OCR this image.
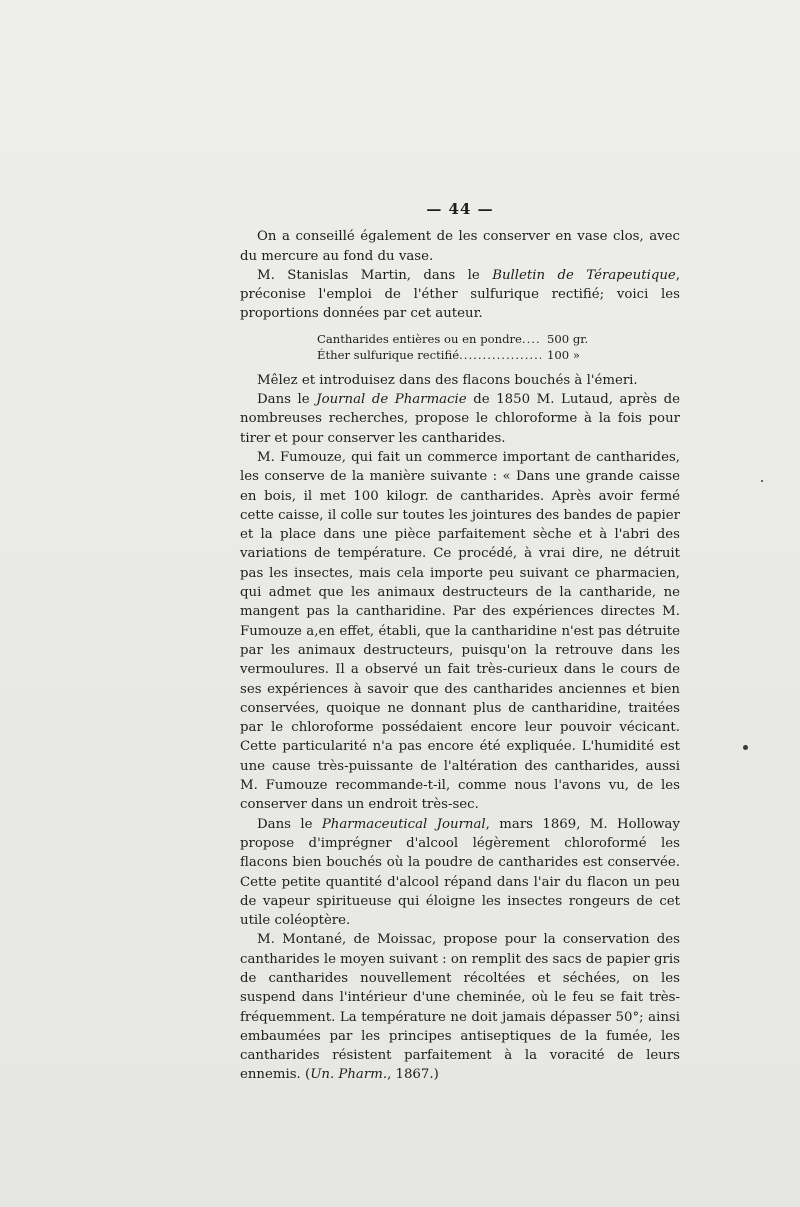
— 44 —

On a conseillé également de les conserver en vase clos, avec du mercure au fond du vase.

M. Stanislas Martin, dans le Bulletin de Térapeutique, préconise l'emploi de l'éther sulfurique rectifié; voici les proportions données par cet auteur.

Cantharides entières ou en pondre .....	500 gr.
Éther sulfurique rectifié .....	100 »

Mêlez et introduisez dans des flacons bouchés à l'émeri.

Dans le Journal de Pharmacie de 1850 M. Lutaud, après de nombreuses recherches, propose le chloroforme à la fois pour tirer et pour conserver les cantharides.

M. Fumouze, qui fait un commerce important de cantharides, les conserve de la manière suivante : « Dans une grande caisse en bois, il met 100 kilogr. de cantharides. Après avoir fermé cette caisse, il colle sur toutes les jointures des bandes de papier et la place dans une pièce parfaitement sèche et à l'abri des variations de température. Ce procédé, à vrai dire, ne détruit pas les insectes, mais cela importe peu suivant ce pharmacien, qui admet que les animaux destructeurs de la cantharide, ne mangent pas la cantharidine. Par des expériences directes M. Fumouze a,en effet, établi, que la cantharidine n'est pas détruite par les animaux destructeurs, puisqu'on la retrouve dans les vermoulures. Il a observé un fait très-curieux dans le cours de ses expériences à savoir que des cantharides anciennes et bien conservées, quoique ne donnant plus de cantharidine, traitées par le chloroforme possédaient encore leur pouvoir vécicant. Cette particularité n'a pas encore été expliquée. L'humidité est une cause très-puissante de l'altération des cantharides, aussi M. Fumouze recommande-t-il, comme nous l'avons vu, de les conserver dans un endroit très-sec.

Dans le Pharmaceutical Journal, mars 1869, M. Holloway propose d'imprégner d'alcool légèrement chloroformé les flacons bien bouchés où la poudre de cantharides est conservée. Cette petite quantité d'alcool répand dans l'air du flacon un peu de vapeur spiritueuse qui éloigne les insectes rongeurs de cet utile coléoptère.

M. Montané, de Moissac, propose pour la conservation des cantharides le moyen suivant : on remplit des sacs de papier gris de cantharides nouvellement récoltées et séchées, on les suspend dans l'intérieur d'une cheminée, où le feu se fait très-fréquemment. La température ne doit jamais dépasser 50°; ainsi embaumées par les principes antiseptiques de la fumée, les cantharides résistent parfaitement à la voracité de leurs ennemis. (Un. Pharm., 1867.)
